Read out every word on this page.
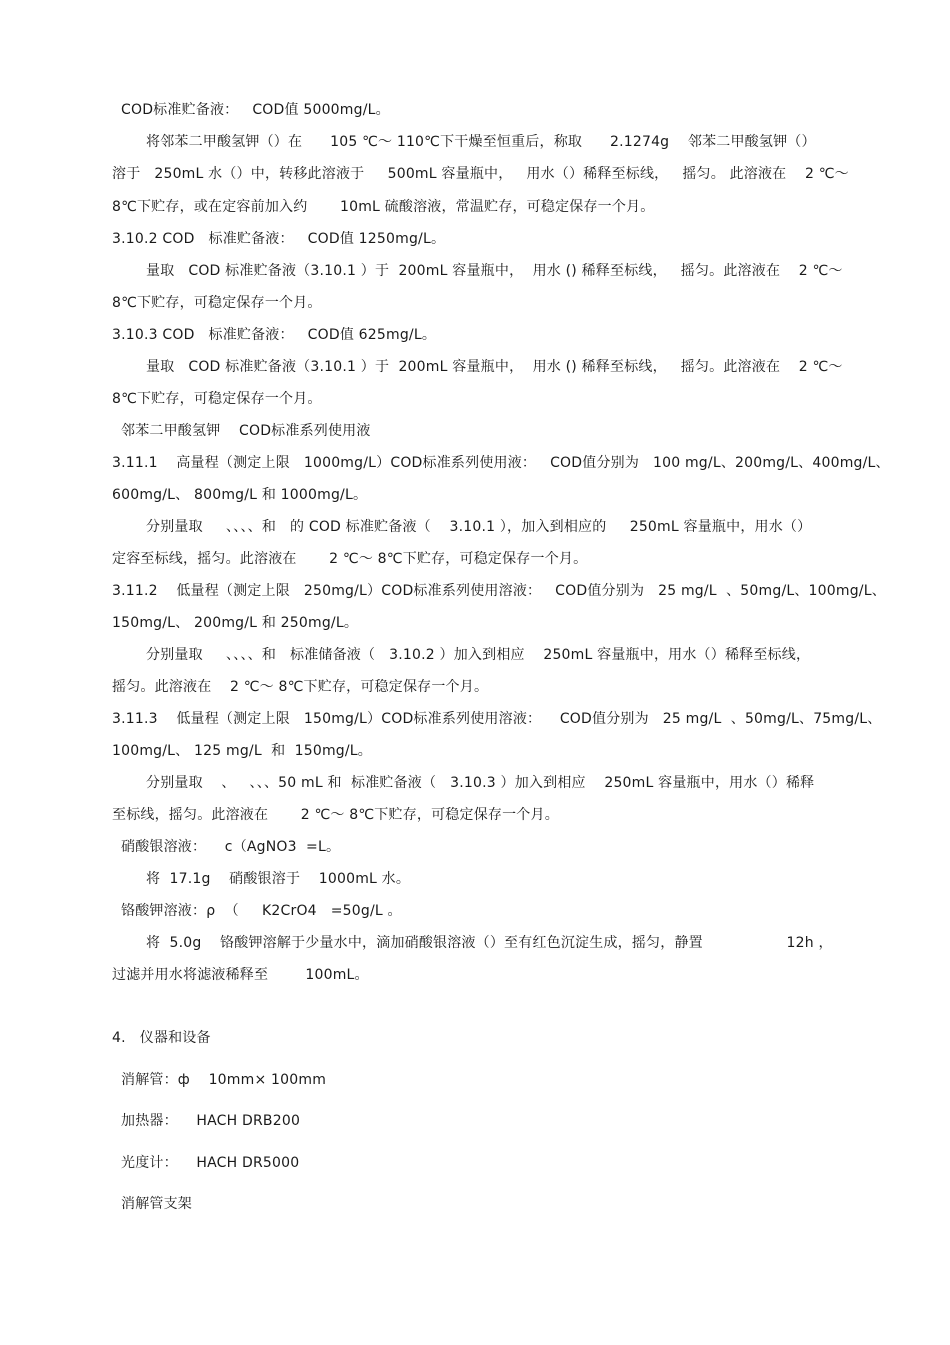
COD标准贮备液：   COD值 5000mg/L。
将邻苯二甲酸氢钾（）在      105 ℃～ 110℃下干燥至恒重后，称取      2.1274g    邻苯二甲酸氢钾（）
溶于   250mL 水（）中，转移此溶液于     500mL 容量瓶中，   用水（）稀释至标线，   摇匀。 此溶液在    2 ℃～
8℃下贮存，或在定容前加入约       10mL 硫酸溶液，常温贮存，可稳定保存一个月。
3.10.2 COD   标准贮备液：   COD值 1250mg/L。
量取   COD 标准贮备液（3.10.1 ）于  200mL 容量瓶中，  用水 () 稀释至标线，   摇匀。此溶液在    2 ℃～
8℃下贮存，可稳定保存一个月。
3.10.3 COD   标准贮备液：   COD值 625mg/L。
量取   COD 标准贮备液（3.10.1 ）于  200mL 容量瓶中，  用水 () 稀释至标线，   摇匀。此溶液在    2 ℃～
8℃下贮存，可稳定保存一个月。
邻苯二甲酸氢钾    COD标准系列使用液
3.11.1    高量程（测定上限   1000mg/L）COD标准系列使用液：   COD值分别为   100 mg/L、200mg/L、400mg/L、
600mg/L、 800mg/L 和 1000mg/L。
分别量取     、、、、和   的 COD 标准贮备液（    3.10.1 ），加入到相应的     250mL 容量瓶中，用水（）
定容至标线，摇匀。此溶液在       2 ℃～ 8℃下贮存，可稳定保存一个月。
3.11.2    低量程（测定上限   250mg/L）COD标准系列使用溶液：   COD值分别为   25 mg/L  、50mg/L、100mg/L、
150mg/L、 200mg/L 和 250mg/L。
分别量取     、、、、和   标准储备液（   3.10.2 ）加入到相应    250mL 容量瓶中，用水（）稀释至标线，
摇匀。此溶液在    2 ℃～ 8℃下贮存，可稳定保存一个月。
3.11.3    低量程（测定上限   150mg/L）COD标准系列使用溶液：    COD值分别为   25 mg/L  、50mg/L、75mg/L、
100mg/L、 125 mg/L  和  150mg/L。
分别量取    、   、、、50 mL 和  标准贮备液（   3.10.3 ）加入到相应    250mL 容量瓶中，用水（）稀释
至标线，摇匀。此溶液在       2 ℃～ 8℃下贮存，可稳定保存一个月。
硝酸银溶液：    c（AgNO3  =L。
将  17.1g    硝酸银溶于    1000mL 水。
铬酸钾溶液：ρ  （     K2CrO4   =50g/L 。
将  5.0g    铬酸钾溶解于少量水中，滴加硝酸银溶液（）至有红色沉淀生成，摇匀，静置                  12h ，
过滤并用水将滤液稀释至        100mL。
4.   仪器和设备
消解管：ф    10mm× 100mm
加热器：    HACH DRB200
光度计：    HACH DR5000
消解管支架
